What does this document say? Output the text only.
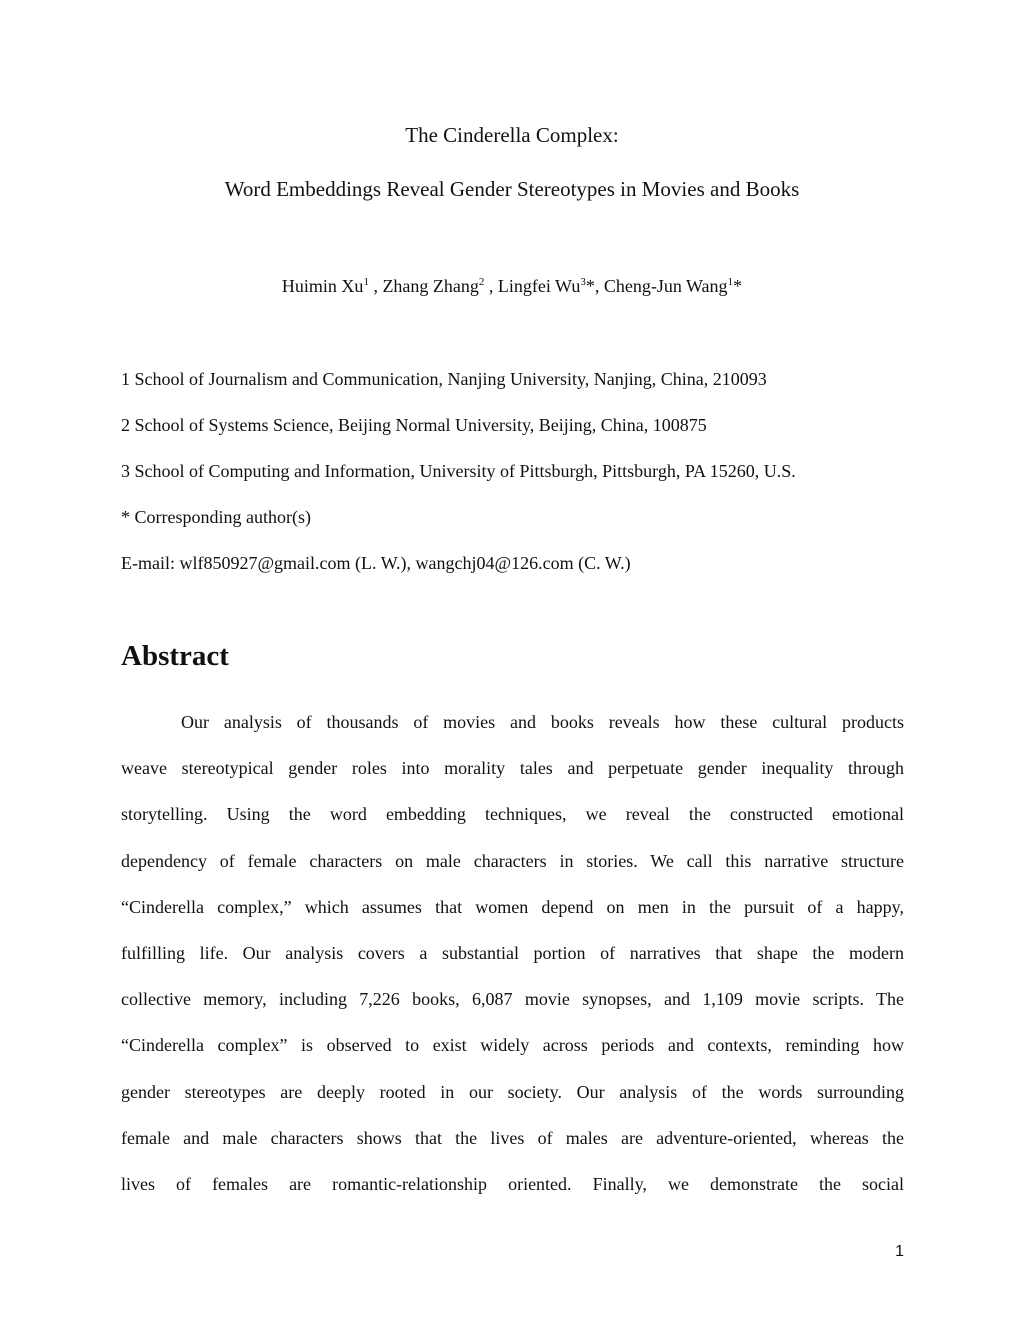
The Cinderella Complex:
Word Embeddings Reveal Gender Stereotypes in Movies and Books
Huimin Xu$^1$ , Zhang Zhang$^2$ , Lingfei Wu$^3$*, Cheng-Jun Wang$^1$*
1 School of Journalism and Communication, Nanjing University, Nanjing, China, 210093
2 School of Systems Science, Beijing Normal University, Beijing, China, 100875
3 School of Computing and Information, University of Pittsburgh, Pittsburgh, PA 15260, U.S.
* Corresponding author(s)
E-mail: wlf850927@gmail.com (L. W.), wangchj04@126.com (C. W.)
Abstract
Our analysis of thousands of movies and books reveals how these cultural products
weave stereotypical gender roles into morality tales and perpetuate gender inequality through
storytelling. Using the word embedding techniques, we reveal the constructed emotional
dependency of female characters on male characters in stories. We call this narrative structure
“Cinderella complex,” which assumes that women depend on men in the pursuit of a happy,
fulfilling life. Our analysis covers a substantial portion of narratives that shape the modern
collective memory, including 7,226 books, 6,087 movie synopses, and 1,109 movie scripts. The
“Cinderella complex” is observed to exist widely across periods and contexts, reminding how
gender stereotypes are deeply rooted in our society. Our analysis of the words surrounding
female and male characters shows that the lives of males are adventure-oriented, whereas the
lives of females are romantic-relationship oriented. Finally, we demonstrate the social
1
